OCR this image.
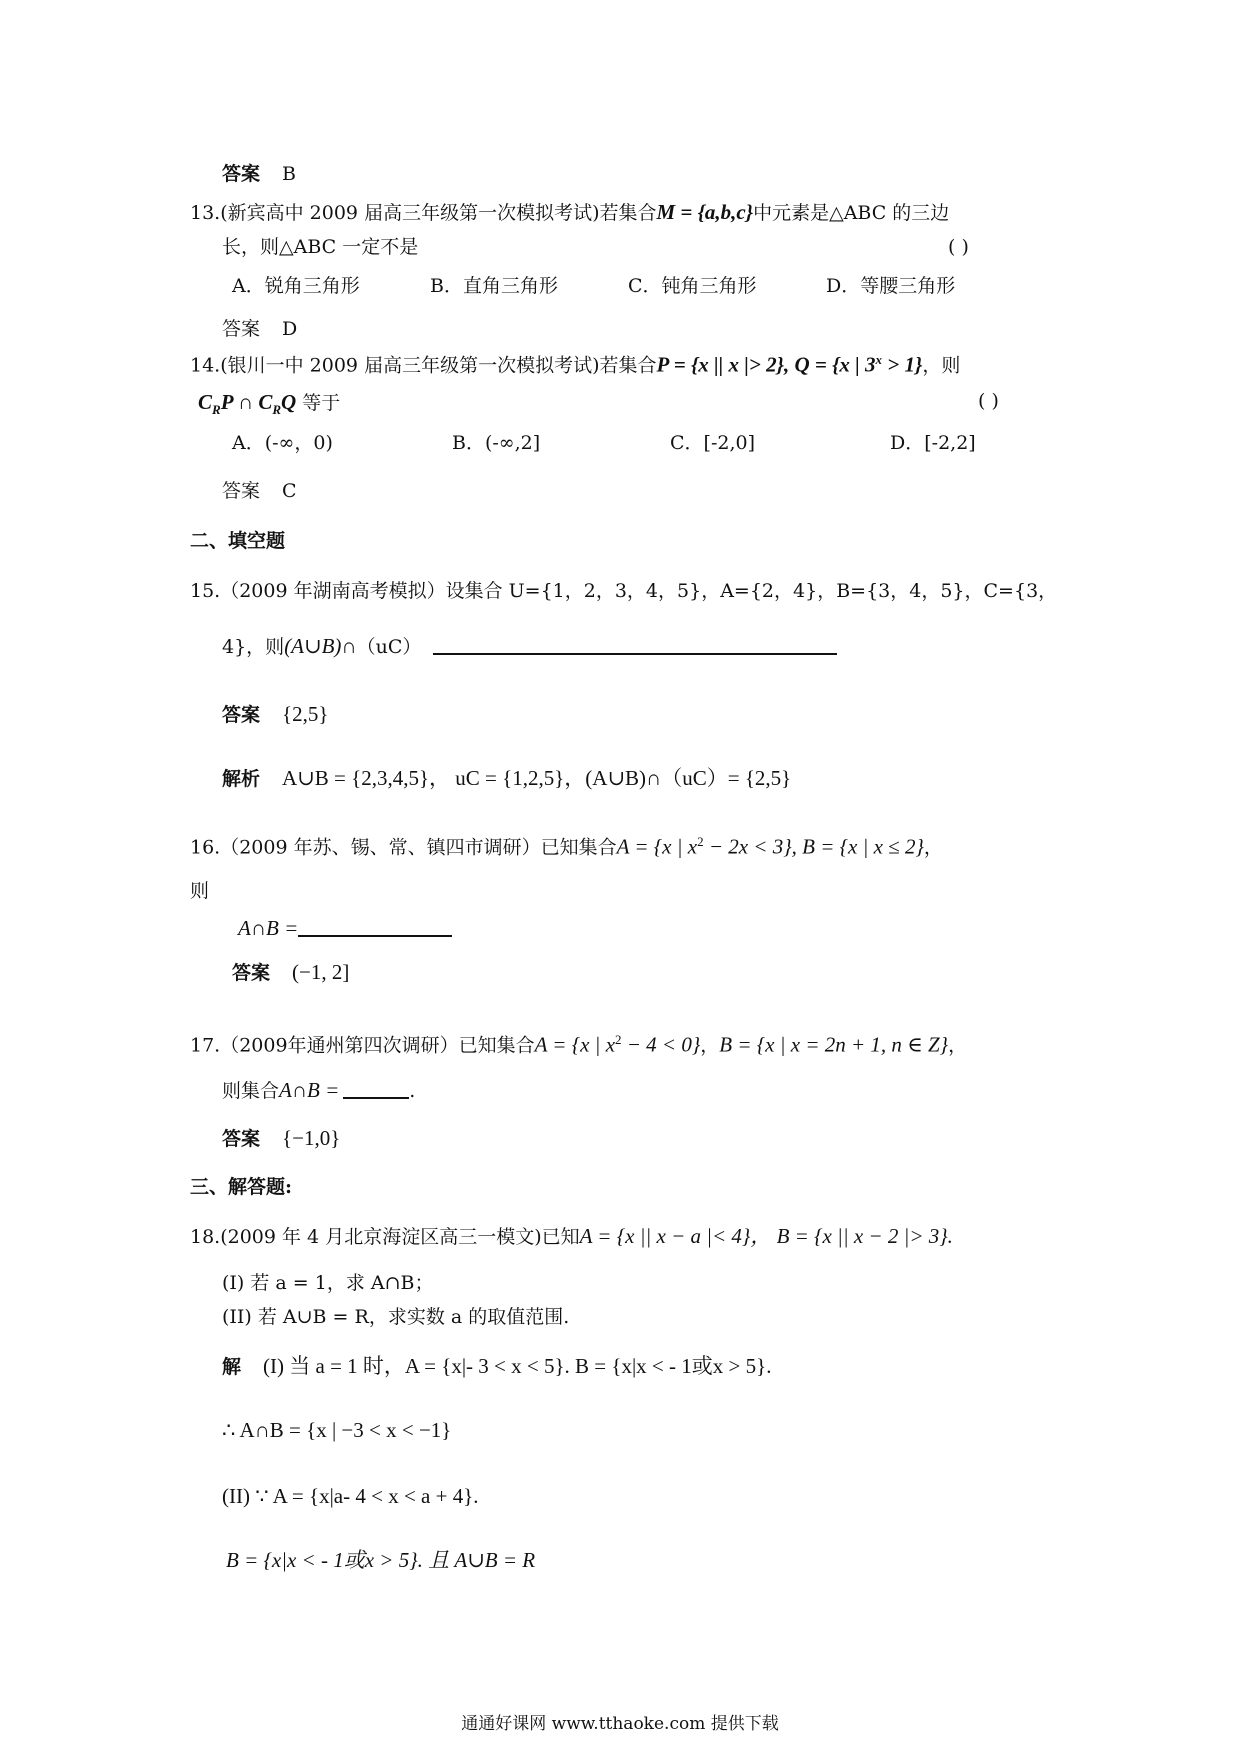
答案 B
13.(新宾高中 2009 届高三年级第一次模拟考试)若集合M = {a,b,c}中元素是△ABC 的三边
长，则△ABC 一定不是	( )
A．锐角三角形	B．直角三角形	C．钝角三角形	D．等腰三角形
答案 D
14.(银川一中 2009 届高三年级第一次模拟考试)若集合P = {x || x |> 2}, Q = {x | $3^x > 1$}，则
$C_RP$ ∩ $C_RQ$ 等于	( )
A．(-∞，0)	B．(-∞,2]	C．[-2,0]	D．[-2,2]
答案 C
二、填空题
15.（2009 年湖南高考模拟）设集合 U={1，2，3，4，5}，A={2，4}，B={3，4，5}，C={3，
4}，则(A∪B)∩（uC）
答案 {2,5}
解析 A∪B = {2,3,4,5}， uC = {1,2,5}，(A∪B)∩（uC）= {2,5}
16.（2009 年苏、锡、常、镇四市调研）已知集合A = {x | $x^2 - 2x < 3$}, B = {x | x ≤ 2}，
则
A∩B =
答案 (−1, 2]
17.（2009年通州第四次调研）已知集合A = {x | $x^2 - 4 < 0$}，B = {x | x = 2n + 1, n ∈ Z}，
则集合A∩B =	.
答案 {−1,0}
三、解答题:
18.(2009 年 4 月北京海淀区高三一模文)已知A = {x || x − a |< 4}， B = {x || x − 2 |> 3}.
(I) 若 a = 1，求 A∩B；
(II) 若 A∪B = R，求实数 a 的取值范围.
解 (I) 当 a = 1 时，A = {x|- 3 < x < 5}. B = {x|x < - 1或x > 5}.
∴ A∩B = {x | −3 < x < −1}
(II) ∵ A = {x|a- 4 < x < a + 4}.
B = {x|x < - 1或x > 5}. 且 A∪B = R
通通好课网 www.tthaoke.com 提供下载
